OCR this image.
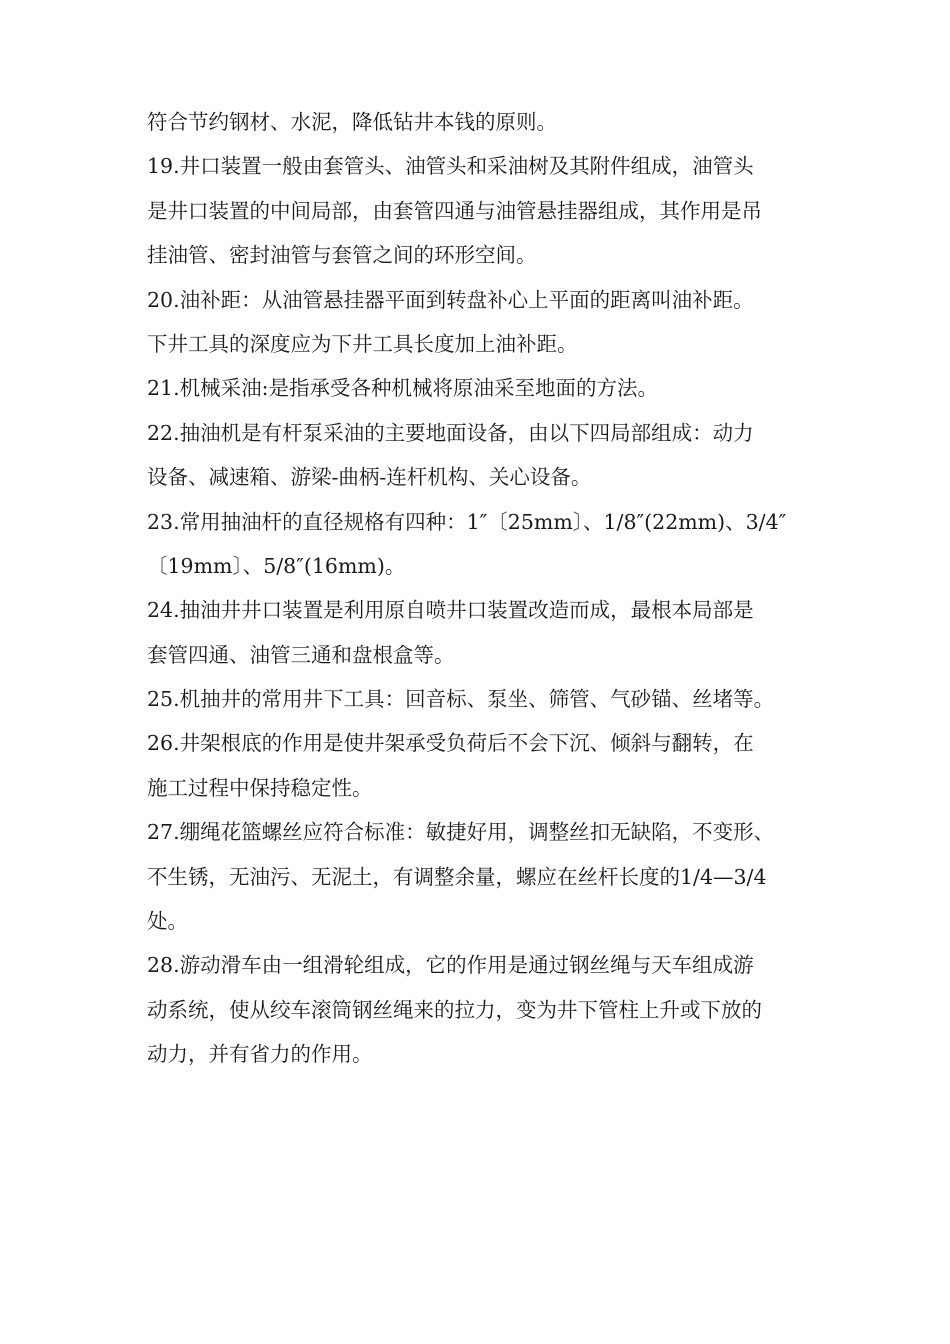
符合节约钢材、水泥，降低钻井本钱的原则。
19.井口装置一般由套管头、油管头和采油树及其附件组成，油管头
是井口装置的中间局部，由套管四通与油管悬挂器组成，其作用是吊
挂油管、密封油管与套管之间的环形空间。
20.油补距：从油管悬挂器平面到转盘补心上平面的距离叫油补距。
下井工具的深度应为下井工具长度加上油补距。
21.机械采油:是指承受各种机械将原油采至地面的方法。
22.抽油机是有杆泵采油的主要地面设备，由以下四局部组成：动力
设备、减速箱、游梁-曲柄-连杆机构、关心设备。
23.常用抽油杆的直径规格有四种：1″〔25mm〕、1/8″(22mm)、3/4″
〔19mm〕、5/8″(16mm)。
24.抽油井井口装置是利用原自喷井口装置改造而成，最根本局部是
套管四通、油管三通和盘根盒等。
25.机抽井的常用井下工具：回音标、泵坐、筛管、气砂锚、丝堵等。
26.井架根底的作用是使井架承受负荷后不会下沉、倾斜与翻转，在
施工过程中保持稳定性。
27.绷绳花篮螺丝应符合标准：敏捷好用，调整丝扣无缺陷，不变形、
不生锈，无油污、无泥土，有调整余量，螺应在丝杆长度的1/4—3/4
处。
28.游动滑车由一组滑轮组成，它的作用是通过钢丝绳与天车组成游
动系统，使从绞车滚筒钢丝绳来的拉力，变为井下管柱上升或下放的
动力，并有省力的作用。
